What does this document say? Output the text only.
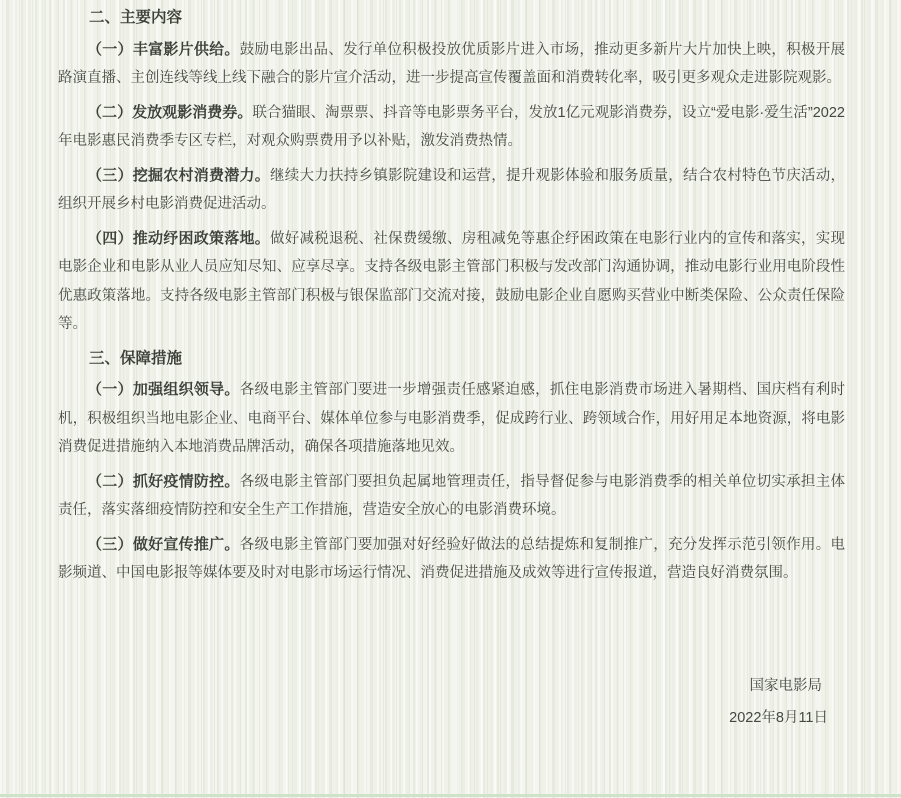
二、主要内容

（一）丰富影片供给。鼓励电影出品、发行单位积极投放优质影片进入市场，推动更多新片大片加快上映，积极开展路演直播、主创连线等线上线下融合的影片宣介活动，进一步提高宣传覆盖面和消费转化率，吸引更多观众走进影院观影。

（二）发放观影消费券。联合猫眼、淘票票、抖音等电影票务平台，发放1亿元观影消费券，设立“爱电影·爱生活”2022年电影惠民消费季专区专栏，对观众购票费用予以补贴，激发消费热情。

（三）挖掘农村消费潜力。继续大力扶持乡镇影院建设和运营，提升观影体验和服务质量，结合农村特色节庆活动，组织开展乡村电影消费促进活动。

（四）推动纾困政策落地。做好减税退税、社保费缓缴、房租减免等惠企纾困政策在电影行业内的宣传和落实，实现电影企业和电影从业人员应知尽知、应享尽享。支持各级电影主管部门积极与发改部门沟通协调，推动电影行业用电阶段性优惠政策落地。支持各级电影主管部门积极与银保监部门交流对接，鼓励电影企业自愿购买营业中断类保险、公众责任保险等。

三、保障措施

（一）加强组织领导。各级电影主管部门要进一步增强责任感紧迫感，抓住电影消费市场进入暑期档、国庆档有利时机，积极组织当地电影企业、电商平台、媒体单位参与电影消费季，促成跨行业、跨领域合作，用好用足本地资源，将电影消费促进措施纳入本地消费品牌活动，确保各项措施落地见效。

（二）抓好疫情防控。各级电影主管部门要担负起属地管理责任，指导督促参与电影消费季的相关单位切实承担主体责任，落实落细疫情防控和安全生产工作措施，营造安全放心的电影消费环境。

（三）做好宣传推广。各级电影主管部门要加强对好经验好做法的总结提炼和复制推广，充分发挥示范引领作用。电影频道、中国电影报等媒体要及时对电影市场运行情况、消费促进措施及成效等进行宣传报道，营造良好消费氛围。

国家电影局
2022年8月11日
